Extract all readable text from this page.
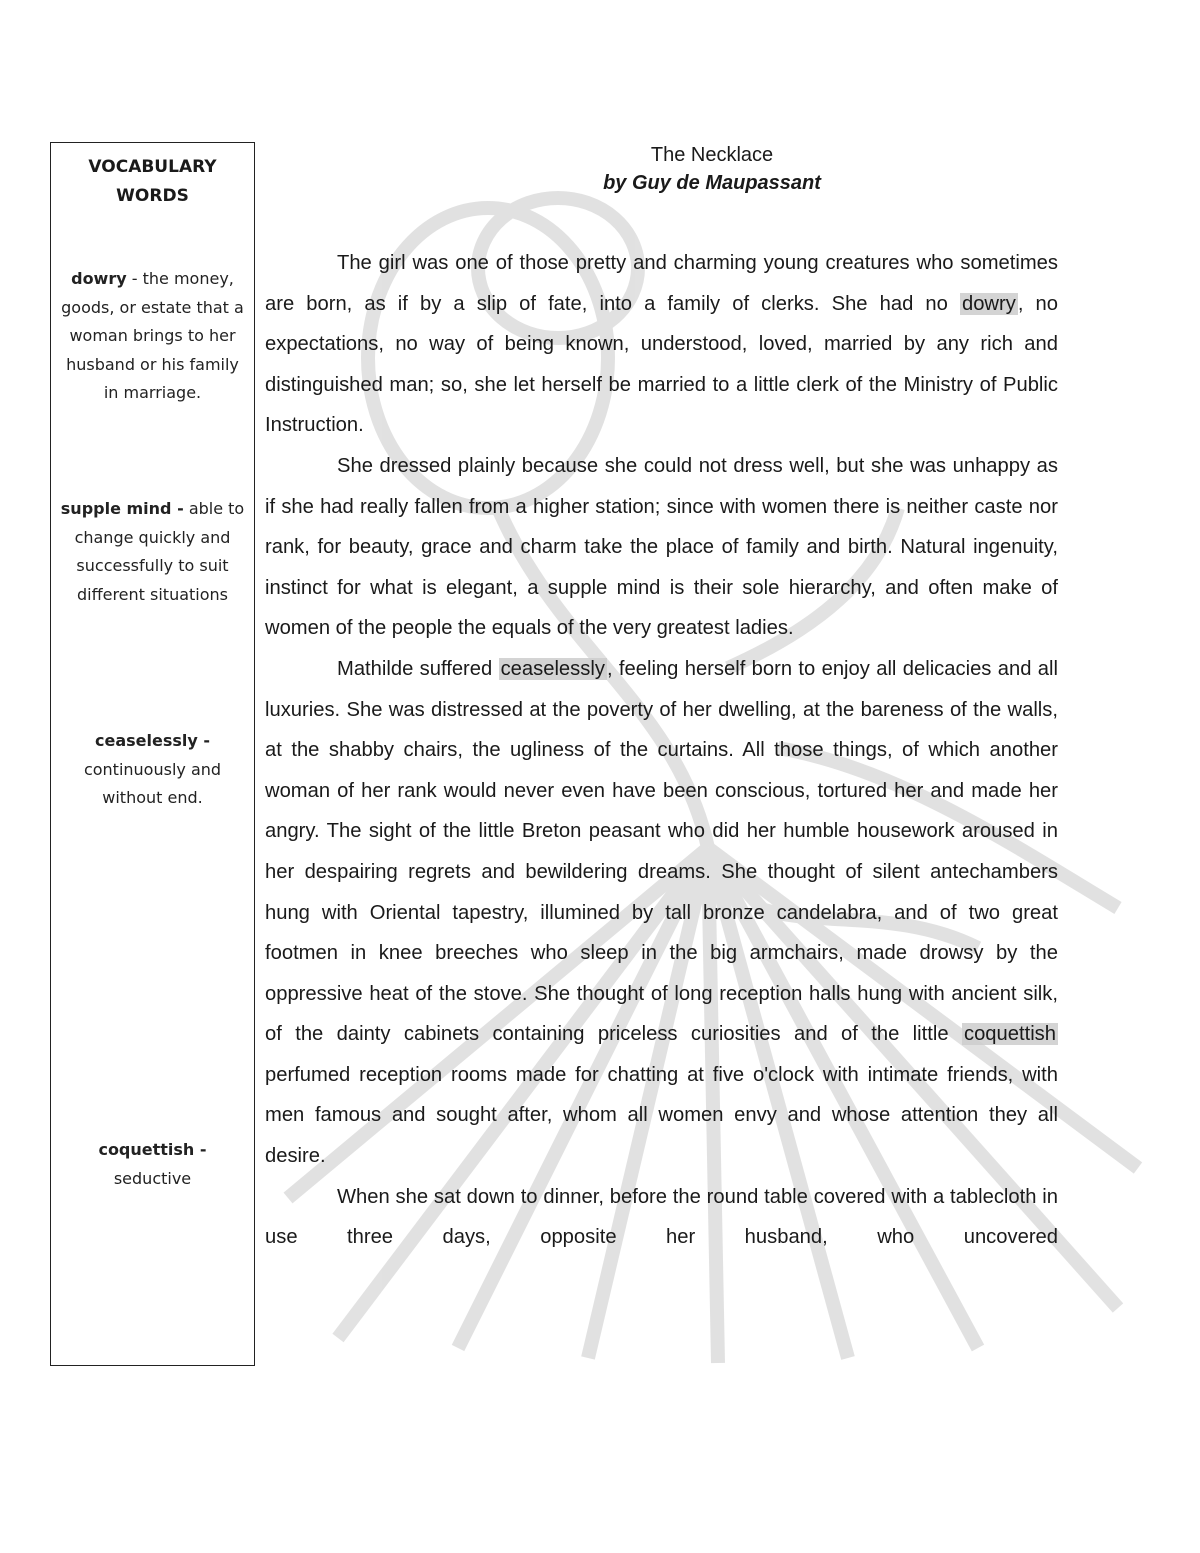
VOCABULARY WORDS
dowry - the money, goods, or estate that a woman brings to her husband or his family in marriage.
supple mind - able to change quickly and successfully to suit different situations
ceaselessly - continuously and without end.
coquettish - seductive
The Necklace
by Guy de Maupassant

The girl was one of those pretty and charming young creatures who sometimes are born, as if by a slip of fate, into a family of clerks. She had no dowry, no expectations, no way of being known, understood, loved, married by any rich and distinguished man; so, she let herself be married to a little clerk of the Ministry of Public Instruction.

She dressed plainly because she could not dress well, but she was unhappy as if she had really fallen from a higher station; since with women there is neither caste nor rank, for beauty, grace and charm take the place of family and birth. Natural ingenuity, instinct for what is elegant, a supple mind is their sole hierarchy, and often make of women of the people the equals of the very greatest ladies.

Mathilde suffered ceaselessly, feeling herself born to enjoy all delicacies and all luxuries. She was distressed at the poverty of her dwelling, at the bareness of the walls, at the shabby chairs, the ugliness of the curtains. All those things, of which another woman of her rank would never even have been conscious, tortured her and made her angry. The sight of the little Breton peasant who did her humble housework aroused in her despairing regrets and bewildering dreams. She thought of silent antechambers hung with Oriental tapestry, illumined by tall bronze candelabra, and of two great footmen in knee breeches who sleep in the big armchairs, made drowsy by the oppressive heat of the stove. She thought of long reception halls hung with ancient silk, of the dainty cabinets containing priceless curiosities and of the little coquettish perfumed reception rooms made for chatting at five o'clock with intimate friends, with men famous and sought after, whom all women envy and whose attention they all desire.

When she sat down to dinner, before the round table covered with a tablecloth in use three days, opposite her husband, who uncovered
